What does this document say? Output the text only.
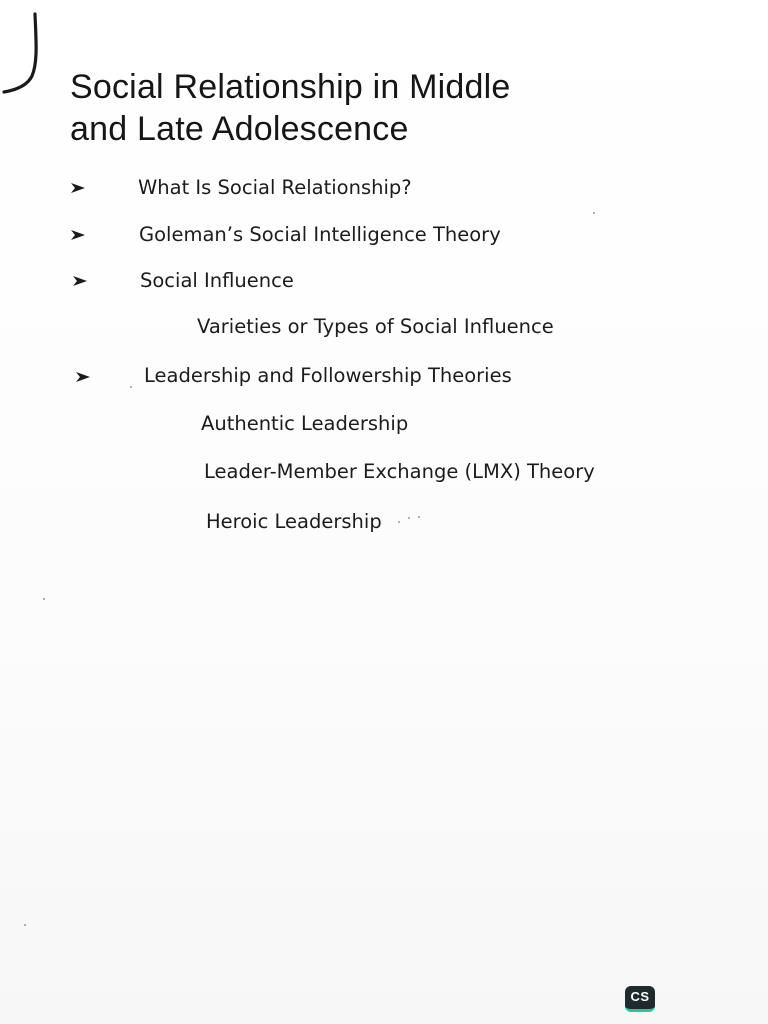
Social Relationship in Middle
and Late Adolescence
What Is Social Relationship?
Goleman’s Social Intelligence Theory
Social Influence
Varieties or Types of Social Influence
Leadership and Followership Theories
Authentic Leadership
Leader-Member Exchange (LMX) Theory
Heroic Leadership
CS
